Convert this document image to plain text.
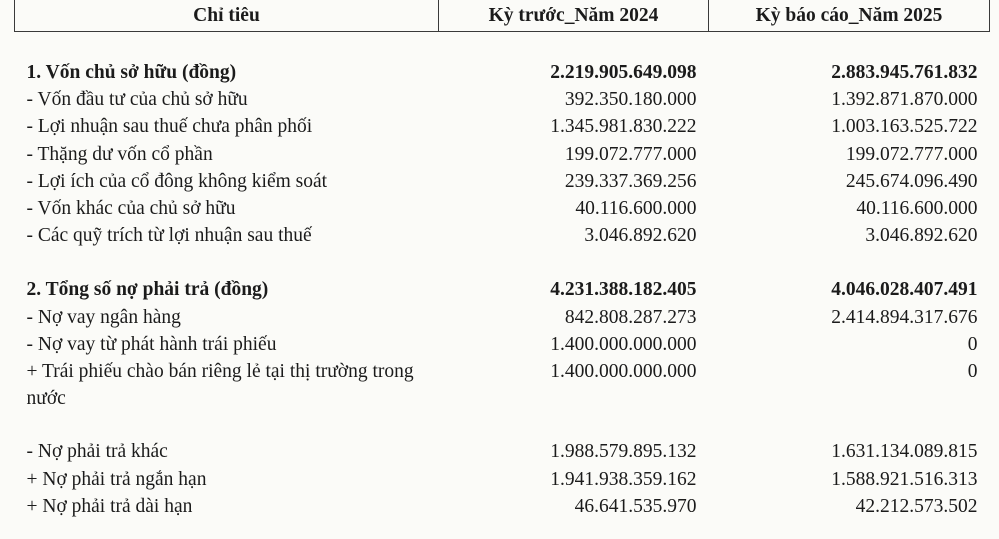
Chỉ tiêu	Kỳ trước_Năm 2024	Kỳ báo cáo_Năm 2025

1. Vốn chủ sở hữu (đồng)	2.219.905.649.098	2.883.945.761.832
- Vốn đầu tư của chủ sở hữu	392.350.180.000	1.392.871.870.000
- Lợi nhuận sau thuế chưa phân phối	1.345.981.830.222	1.003.163.525.722
- Thặng dư vốn cổ phần	199.072.777.000	199.072.777.000
- Lợi ích của cổ đông không kiểm soát	239.337.369.256	245.674.096.490
- Vốn khác của chủ sở hữu	40.116.600.000	40.116.600.000
- Các quỹ trích từ lợi nhuận sau thuế	3.046.892.620	3.046.892.620

2. Tổng số nợ phải trả (đồng)	4.231.388.182.405	4.046.028.407.491
- Nợ vay ngân hàng	842.808.287.273	2.414.894.317.676
- Nợ vay từ phát hành trái phiếu	1.400.000.000.000	0
+ Trái phiếu chào bán riêng lẻ tại thị trường trong nước	1.400.000.000.000	0

- Nợ phải trả khác	1.988.579.895.132	1.631.134.089.815
+ Nợ phải trả ngắn hạn	1.941.938.359.162	1.588.921.516.313
+ Nợ phải trả dài hạn	46.641.535.970	42.212.573.502
